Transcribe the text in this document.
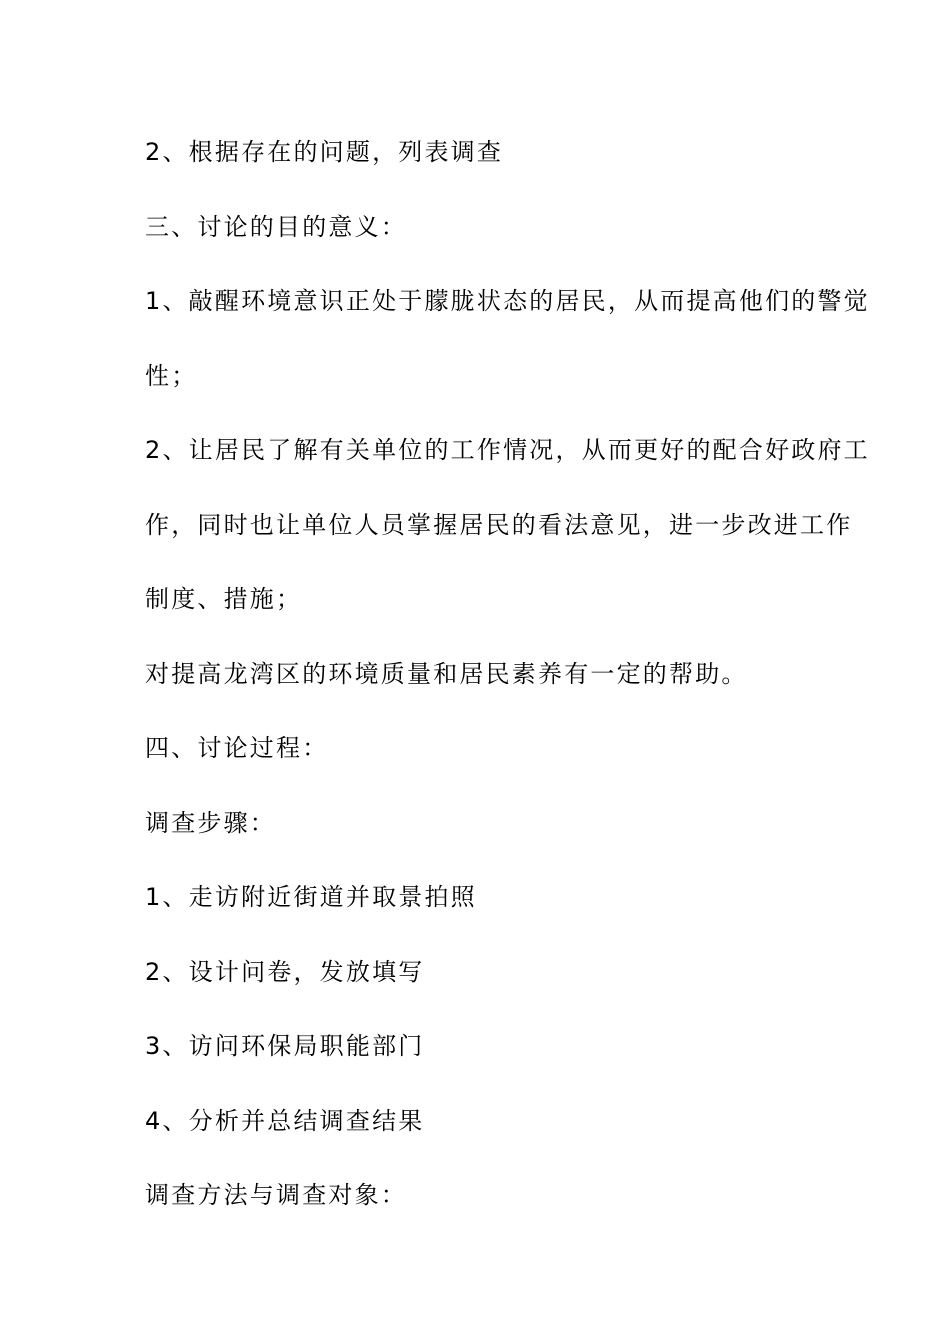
2、根据存在的问题，列表调查
三、讨论的目的意义：
1、敲醒环境意识正处于朦胧状态的居民，从而提高他们的警觉
性；
2、让居民了解有关单位的工作情况，从而更好的配合好政府工
作，同时也让单位人员掌握居民的看法意见，进一步改进工作
制度、措施；
对提高龙湾区的环境质量和居民素养有一定的帮助。
四、讨论过程：
调查步骤：
1、走访附近街道并取景拍照
2、设计问卷，发放填写
3、访问环保局职能部门
4、分析并总结调查结果
调查方法与调查对象：
